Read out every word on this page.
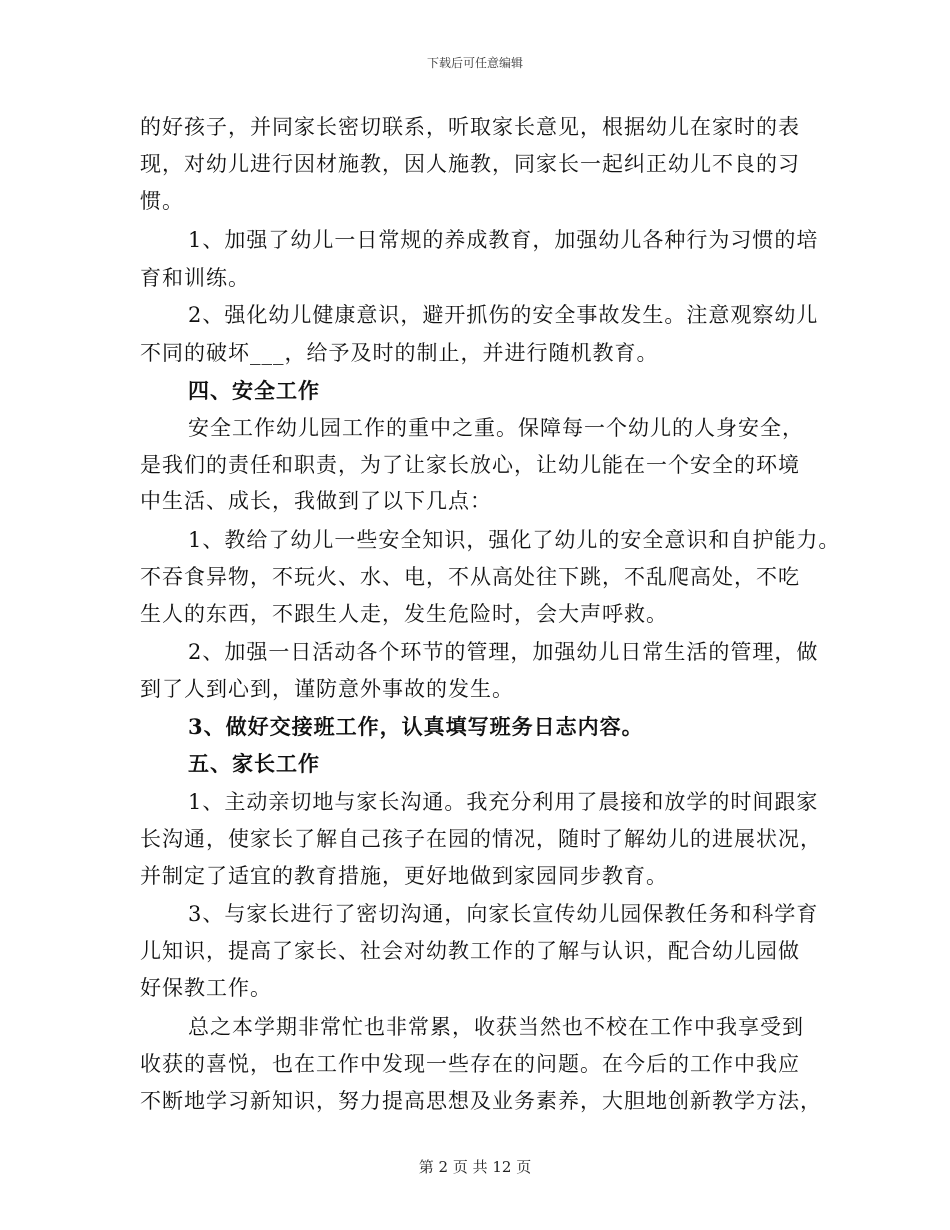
下载后可任意编辑
的好孩子，并同家长密切联系，听取家长意见，根据幼儿在家时的表
现，对幼儿进行因材施教，因人施教，同家长一起纠正幼儿不良的习
惯。
1、加强了幼儿一日常规的养成教育，加强幼儿各种行为习惯的培
育和训练。
2、强化幼儿健康意识，避开抓伤的安全事故发生。注意观察幼儿
不同的破坏___，给予及时的制止，并进行随机教育。
四、安全工作
安全工作幼儿园工作的重中之重。保障每一个幼儿的人身安全，
是我们的责任和职责，为了让家长放心，让幼儿能在一个安全的环境
中生活、成长，我做到了以下几点：
1、教给了幼儿一些安全知识，强化了幼儿的安全意识和自护能力。
不吞食异物，不玩火、水、电，不从高处往下跳，不乱爬高处，不吃
生人的东西，不跟生人走，发生危险时，会大声呼救。
2、加强一日活动各个环节的管理，加强幼儿日常生活的管理，做
到了人到心到，谨防意外事故的发生。
3、做好交接班工作，认真填写班务日志内容。
五、家长工作
1、主动亲切地与家长沟通。我充分利用了晨接和放学的时间跟家
长沟通，使家长了解自己孩子在园的情况，随时了解幼儿的进展状况，
并制定了适宜的教育措施，更好地做到家园同步教育。
3、与家长进行了密切沟通，向家长宣传幼儿园保教任务和科学育
儿知识，提高了家长、社会对幼教工作的了解与认识，配合幼儿园做
好保教工作。
总之本学期非常忙也非常累，收获当然也不校在工作中我享受到
收获的喜悦，也在工作中发现一些存在的问题。在今后的工作中我应
不断地学习新知识，努力提高思想及业务素养，大胆地创新教学方法，
第 2 页 共 12 页
